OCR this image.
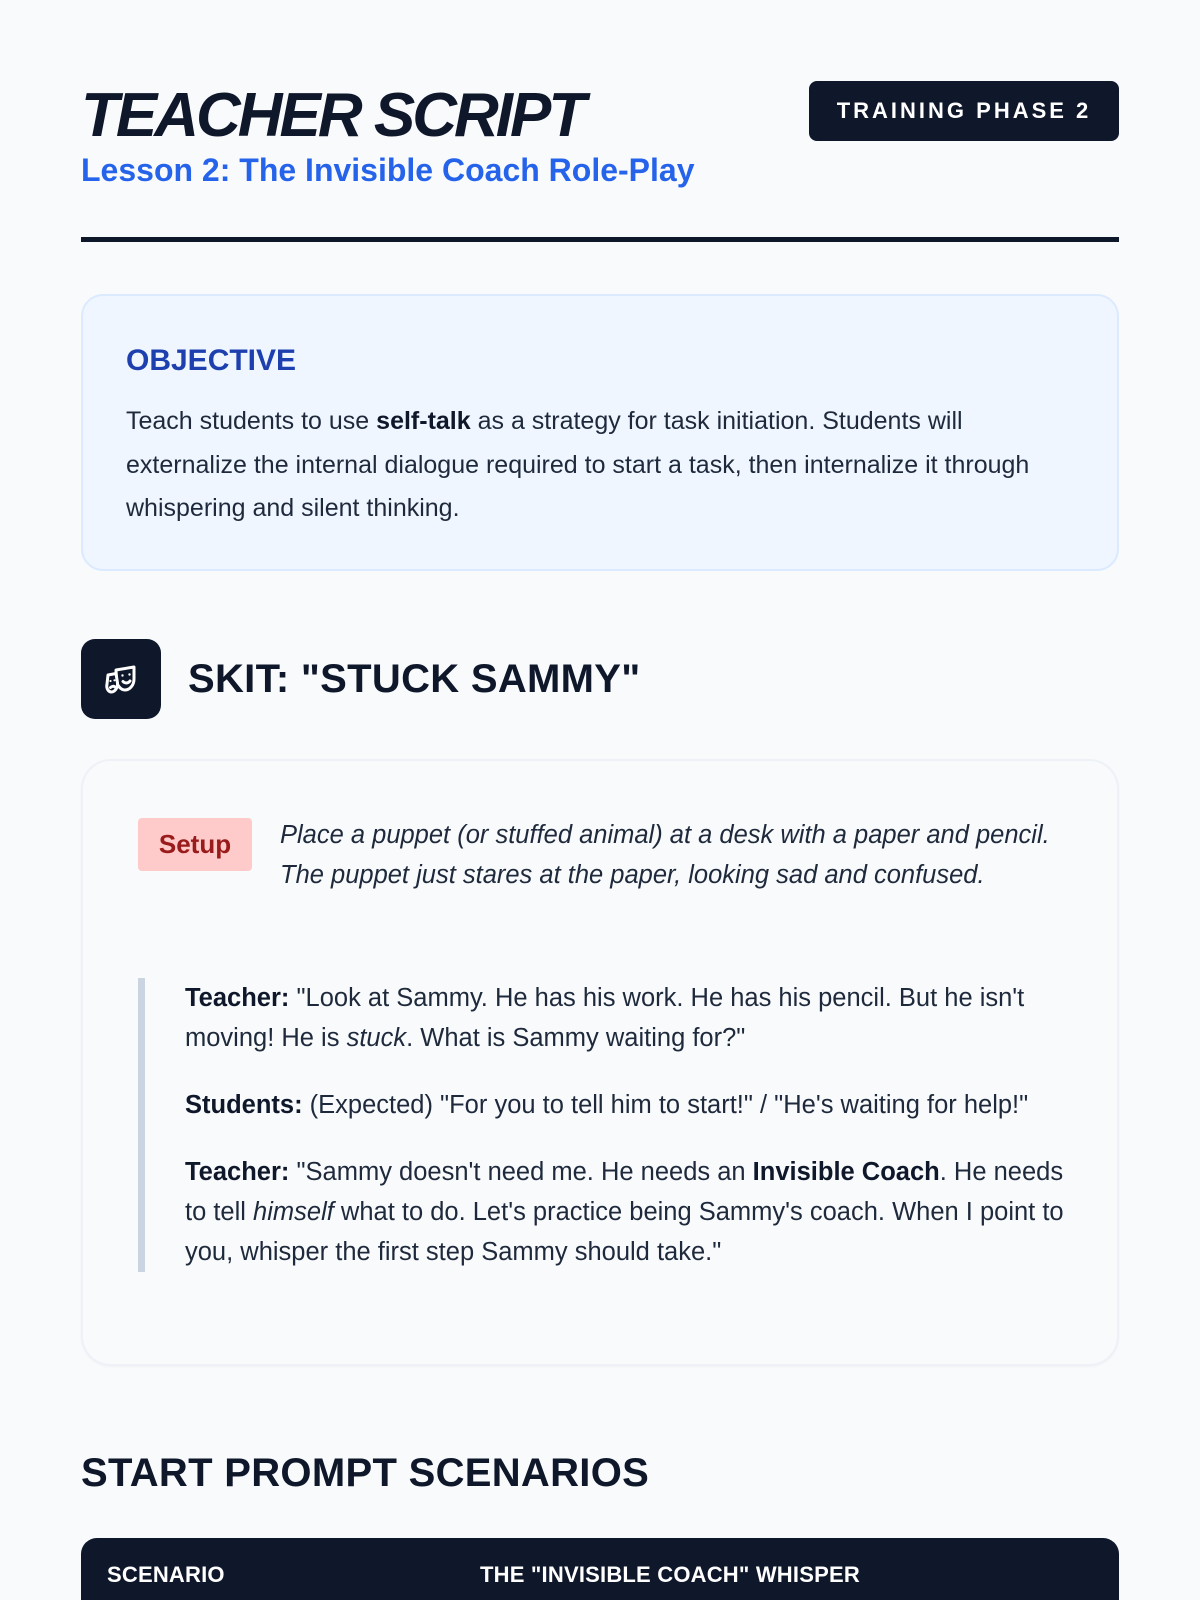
TEACHER SCRIPT
Lesson 2: The Invisible Coach Role-Play
TRAINING PHASE 2
OBJECTIVE

Teach students to use self-talk as a strategy for task initiation. Students will externalize the internal dialogue required to start a task, then internalize it through whispering and silent thinking.

SKIT: "STUCK SAMMY"
Setup	Place a puppet (or stuffed animal) at a desk with a paper and pencil. The puppet just stares at the paper, looking sad and confused.

Teacher: "Look at Sammy. He has his work. He has his pencil. But he isn't moving! He is stuck. What is Sammy waiting for?"

Students: (Expected) "For you to tell him to start!" / "He's waiting for help!"

Teacher: "Sammy doesn't need me. He needs an Invisible Coach. He needs to tell himself what to do. Let's practice being Sammy's coach. When I point to you, whisper the first step Sammy should take."

START PROMPT SCENARIOS
SCENARIO	THE "INVISIBLE COACH" WHISPER
